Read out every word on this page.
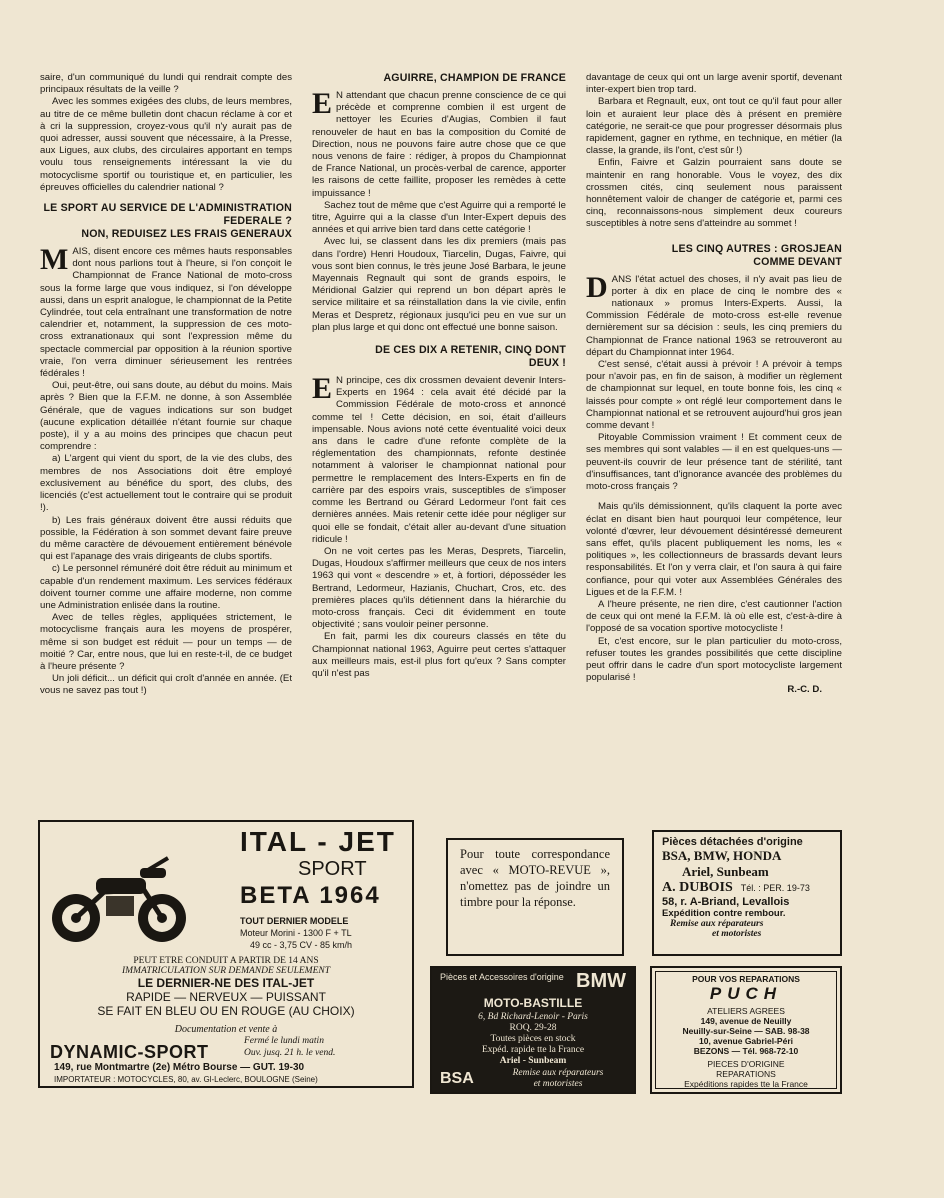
saire, d'un communiqué du lundi qui rendrait compte des principaux résultats de la veille ?

Avec les sommes exigées des clubs, de leurs membres, au titre de ce même bulletin dont chacun réclame à cor et à cri la suppression, croyez-vous qu'il n'y aurait pas de quoi adresser, aussi souvent que nécessaire, à la Presse, aux Ligues, aux clubs, des circulaires apportant en temps voulu tous renseignements intéressant la vie du motocyclisme sportif ou touristique et, en particulier, les épreuves officielles du calendrier national ?

LE SPORT AU SERVICE DE L'ADMINISTRATION FEDERALE ?
NON, REDUISEZ LES FRAIS GENERAUX

MAIS, disent encore ces mêmes hauts responsables dont nous parlions tout à l'heure, si l'on conçoit le Championnat de France National de moto-cross sous la forme large que vous indiquez, si l'on développe aussi, dans un esprit analogue, le championnat de la Petite Cylindrée, tout cela entraînant une transformation de notre calendrier et, notamment, la suppression de ces moto-cross extranationaux qui sont l'expression même du spectacle commercial par opposition à la réunion sportive vraie, l'on verra diminuer sérieusement les rentrées fédérales !

Oui, peut-être, oui sans doute, au début du moins. Mais après ? Bien que la F.F.M. ne donne, à son Assemblée Générale, que de vagues indications sur son budget (aucune explication détaillée n'étant fournie sur chaque poste), il y a au moins des principes que chacun peut comprendre :

a) L'argent qui vient du sport, de la vie des clubs, des membres de nos Associations doit être employé exclusivement au bénéfice du sport, des clubs, des licenciés (c'est actuellement tout le contraire qui se produit !).

b) Les frais généraux doivent être aussi réduits que possible, la Fédération à son sommet devant faire preuve du même caractère de dévouement entièrement bénévole qui est l'apanage des vrais dirigeants de clubs sportifs.

c) Le personnel rémunéré doit être réduit au minimum et capable d'un rendement maximum. Les services fédéraux doivent tourner comme une affaire moderne, non comme une Administration enlisée dans la routine.

Avec de telles règles, appliquées strictement, le motocyclisme français aura les moyens de prospérer, même si son budget est réduit — pour un temps — de moitié ? Car, entre nous, que lui en reste-t-il, de ce budget à l'heure présente ?

Un joli déficit... un déficit qui croît d'année en année. (Et vous ne savez pas tout !)

AGUIRRE, CHAMPION DE FRANCE

E N attendant que chacun prenne conscience de ce qui précède et comprenne combien il est urgent de nettoyer les Ecuries d'Augias, Combien il faut renouveler de haut en bas la composition du Comité de Direction, nous ne pouvons faire autre chose que ce que nous venons de faire : rédiger, à propos du Championnat de France National, un procès-verbal de carence, apporter les raisons de cette faillite, proposer les remèdes à cette impuissance !

Sachez tout de même que c'est Aguirre qui a remporté le titre, Aguirre qui a la classe d'un Inter-Expert depuis des années et qui arrive bien tard dans cette catégorie !

Avec lui, se classent dans les dix premiers (mais pas dans l'ordre) Henri Houdoux, Tiarcelin, Dugas, Faivre, qui vous sont bien connus, le très jeune José Barbara, le jeune Mayennais Regnault qui sont de grands espoirs, le Méridional Galzier qui reprend un bon départ après le service militaire et sa réinstallation dans la vie civile, enfin Meras et Despretz, régionaux jusqu'ici peu en vue sur un plan plus large et qui donc ont effectué une bonne saison.

DE CES DIX A RETENIR, CINQ DONT DEUX !

E N principe, ces dix crossmen devaient devenir Inters-Experts en 1964 : cela avait été décidé par la Commission Fédérale de moto-cross et annoncé comme tel ! Cette décision, en soi, était d'ailleurs impensable. Nous avions noté cette éventualité voici deux ans dans le cadre d'une refonte complète de la réglementation des championnats, refonte destinée notamment à valoriser le championnat national pour permettre le remplacement des Inters-Experts en fin de carrière par des espoirs vrais, susceptibles de s'imposer comme les Bertrand ou Gérard Ledormeur l'ont fait ces dernières années. Mais retenir cette idée pour négliger sur quoi elle se fondait, c'était aller au-devant d'une situation ridicule !

On ne voit certes pas les Meras, Desprets, Tiarcelin, Dugas, Houdoux s'affirmer meilleurs que ceux de nos inters 1963 qui vont « descendre » et, à fortiori, déposséder les Bertrand, Ledormeur, Hazianis, Chuchart, Cros, etc. des premières places qu'ils détiennent dans la hiérarchie du moto-cross français. Ceci dit évidemment en toute objectivité ; sans vouloir peiner personne.

En fait, parmi les dix coureurs classés en tête du Championnat national 1963, Aguirre peut certes s'attaquer aux meilleurs mais, est-il plus fort qu'eux ? Sans compter qu'il n'est pas

davantage de ceux qui ont un large avenir sportif, devenant inter-expert bien trop tard.

Barbara et Regnault, eux, ont tout ce qu'il faut pour aller loin et auraient leur place dès à présent en première catégorie, ne serait-ce que pour progresser désormais plus rapidement, gagner en rythme, en technique, en métier (la classe, la grande, ils l'ont, c'est sûr !)

Enfin, Faivre et Galzin pourraient sans doute se maintenir en rang honorable. Vous le voyez, des dix crossmen cités, cinq seulement nous paraissent honnêtement valoir de changer de catégorie et, parmi ces cinq, reconnaissons-nous simplement deux coureurs susceptibles à notre sens d'atteindre au sommet !

LES CINQ AUTRES : GROSJEAN COMME DEVANT

DANS l'état actuel des choses, il n'y avait pas lieu de porter à dix en place de cinq le nombre des « nationaux » promus Inters-Experts. Aussi, la Commission Fédérale de moto-cross est-elle revenue dernièrement sur sa décision : seuls, les cinq premiers du Championnat de France national 1963 se retrouveront au départ du Championnat inter 1964.

C'est sensé, c'était aussi à prévoir ! A prévoir à temps pour n'avoir pas, en fin de saison, à modifier un règlement de championnat sur lequel, en toute bonne fois, les cinq « laissés pour compte » ont réglé leur comportement dans le Championnat national et se retrouvent aujourd'hui gros jean comme devant !

Pitoyable Commission vraiment ! Et comment ceux de ses membres qui sont valables — il en est quelques-uns — peuvent-ils couvrir de leur présence tant de stérilité, tant d'insuffisances, tant d'ignorance avancée des problèmes du moto-cross français ?

Mais qu'ils démissionnent, qu'ils claquent la porte avec éclat en disant bien haut pourquoi leur compétence, leur volonté d'œvrer, leur dévouement désintéressé demeurent sans effet, qu'ils placent publiquement les noms, les « politiques », les collectionneurs de brassards devant leurs responsabilités. Et l'on y verra clair, et l'on saura à qui faire confiance, pour qui voter aux Assemblées Générales des Ligues et de la F.F.M. !

A l'heure présente, ne rien dire, c'est cautionner l'action de ceux qui ont mené la F.F.M. là où elle est, c'est-à-dire à l'opposé de sa vocation sportive motocycliste !

Et, c'est encore, sur le plan particulier du moto-cross, refuser toutes les grandes possibilités que cette discipline peut offrir dans le cadre d'un sport motocycliste largement popularisé !

R.-C. D.
ITAL - JET
SPORT
BETA 1964
TOUT DERNIER MODELE
Moteur Morini - 1300 F + TL
49 cc - 3,75 CV - 85 km/h
PEUT ETRE CONDUIT A PARTIR DE 14 ANS
IMMATRICULATION SUR DEMANDE SEULEMENT
LE DERNIER-NE DES ITAL-JET
RAPIDE — NERVEUX — PUISSANT
SE FAIT EN BLEU OU EN ROUGE (AU CHOIX)
Documentation et vente à
DYNAMIC-SPORT
Fermé le lundi matin
Ouv. jusq. 21 h. le vend.
149, rue Montmartre (2e) Métro Bourse — GUT. 19-30
IMPORTATEUR : MOTOCYCLES, 80, av. Gl-Leclerc, BOULOGNE (Seine)
Pour toute correspondance avec « MOTO-REVUE », n'omettez pas de joindre un timbre pour la réponse.
Pièces détachées d'origine
BSA, BMW, HONDA
Ariel, Sunbeam
A. DUBOIS Tél. : PER. 19-73
58, r. A-Briand, Levallois
Expédition contre rembour.
Remise aux réparateurs
et motoristes
Pièces et Accessoires d'origine BMW
MOTO-BASTILLE
6, Bd Richard-Lenoir - Paris
ROQ. 29-28
Toutes pièces en stock
Expéd. rapide tte la France
Ariel - Sunbeam
BSA	Remise aux réparateurs
et motoristes
POUR VOS REPARATIONS
PUCH
ATELIERS AGREES
149, avenue de Neuilly
Neuilly-sur-Seine — SAB. 98-38
10, avenue Gabriel-Péri
BEZONS — Tél. 968-72-10
PIECES D'ORIGINE
REPARATIONS
Expéditions rapides tte la France
